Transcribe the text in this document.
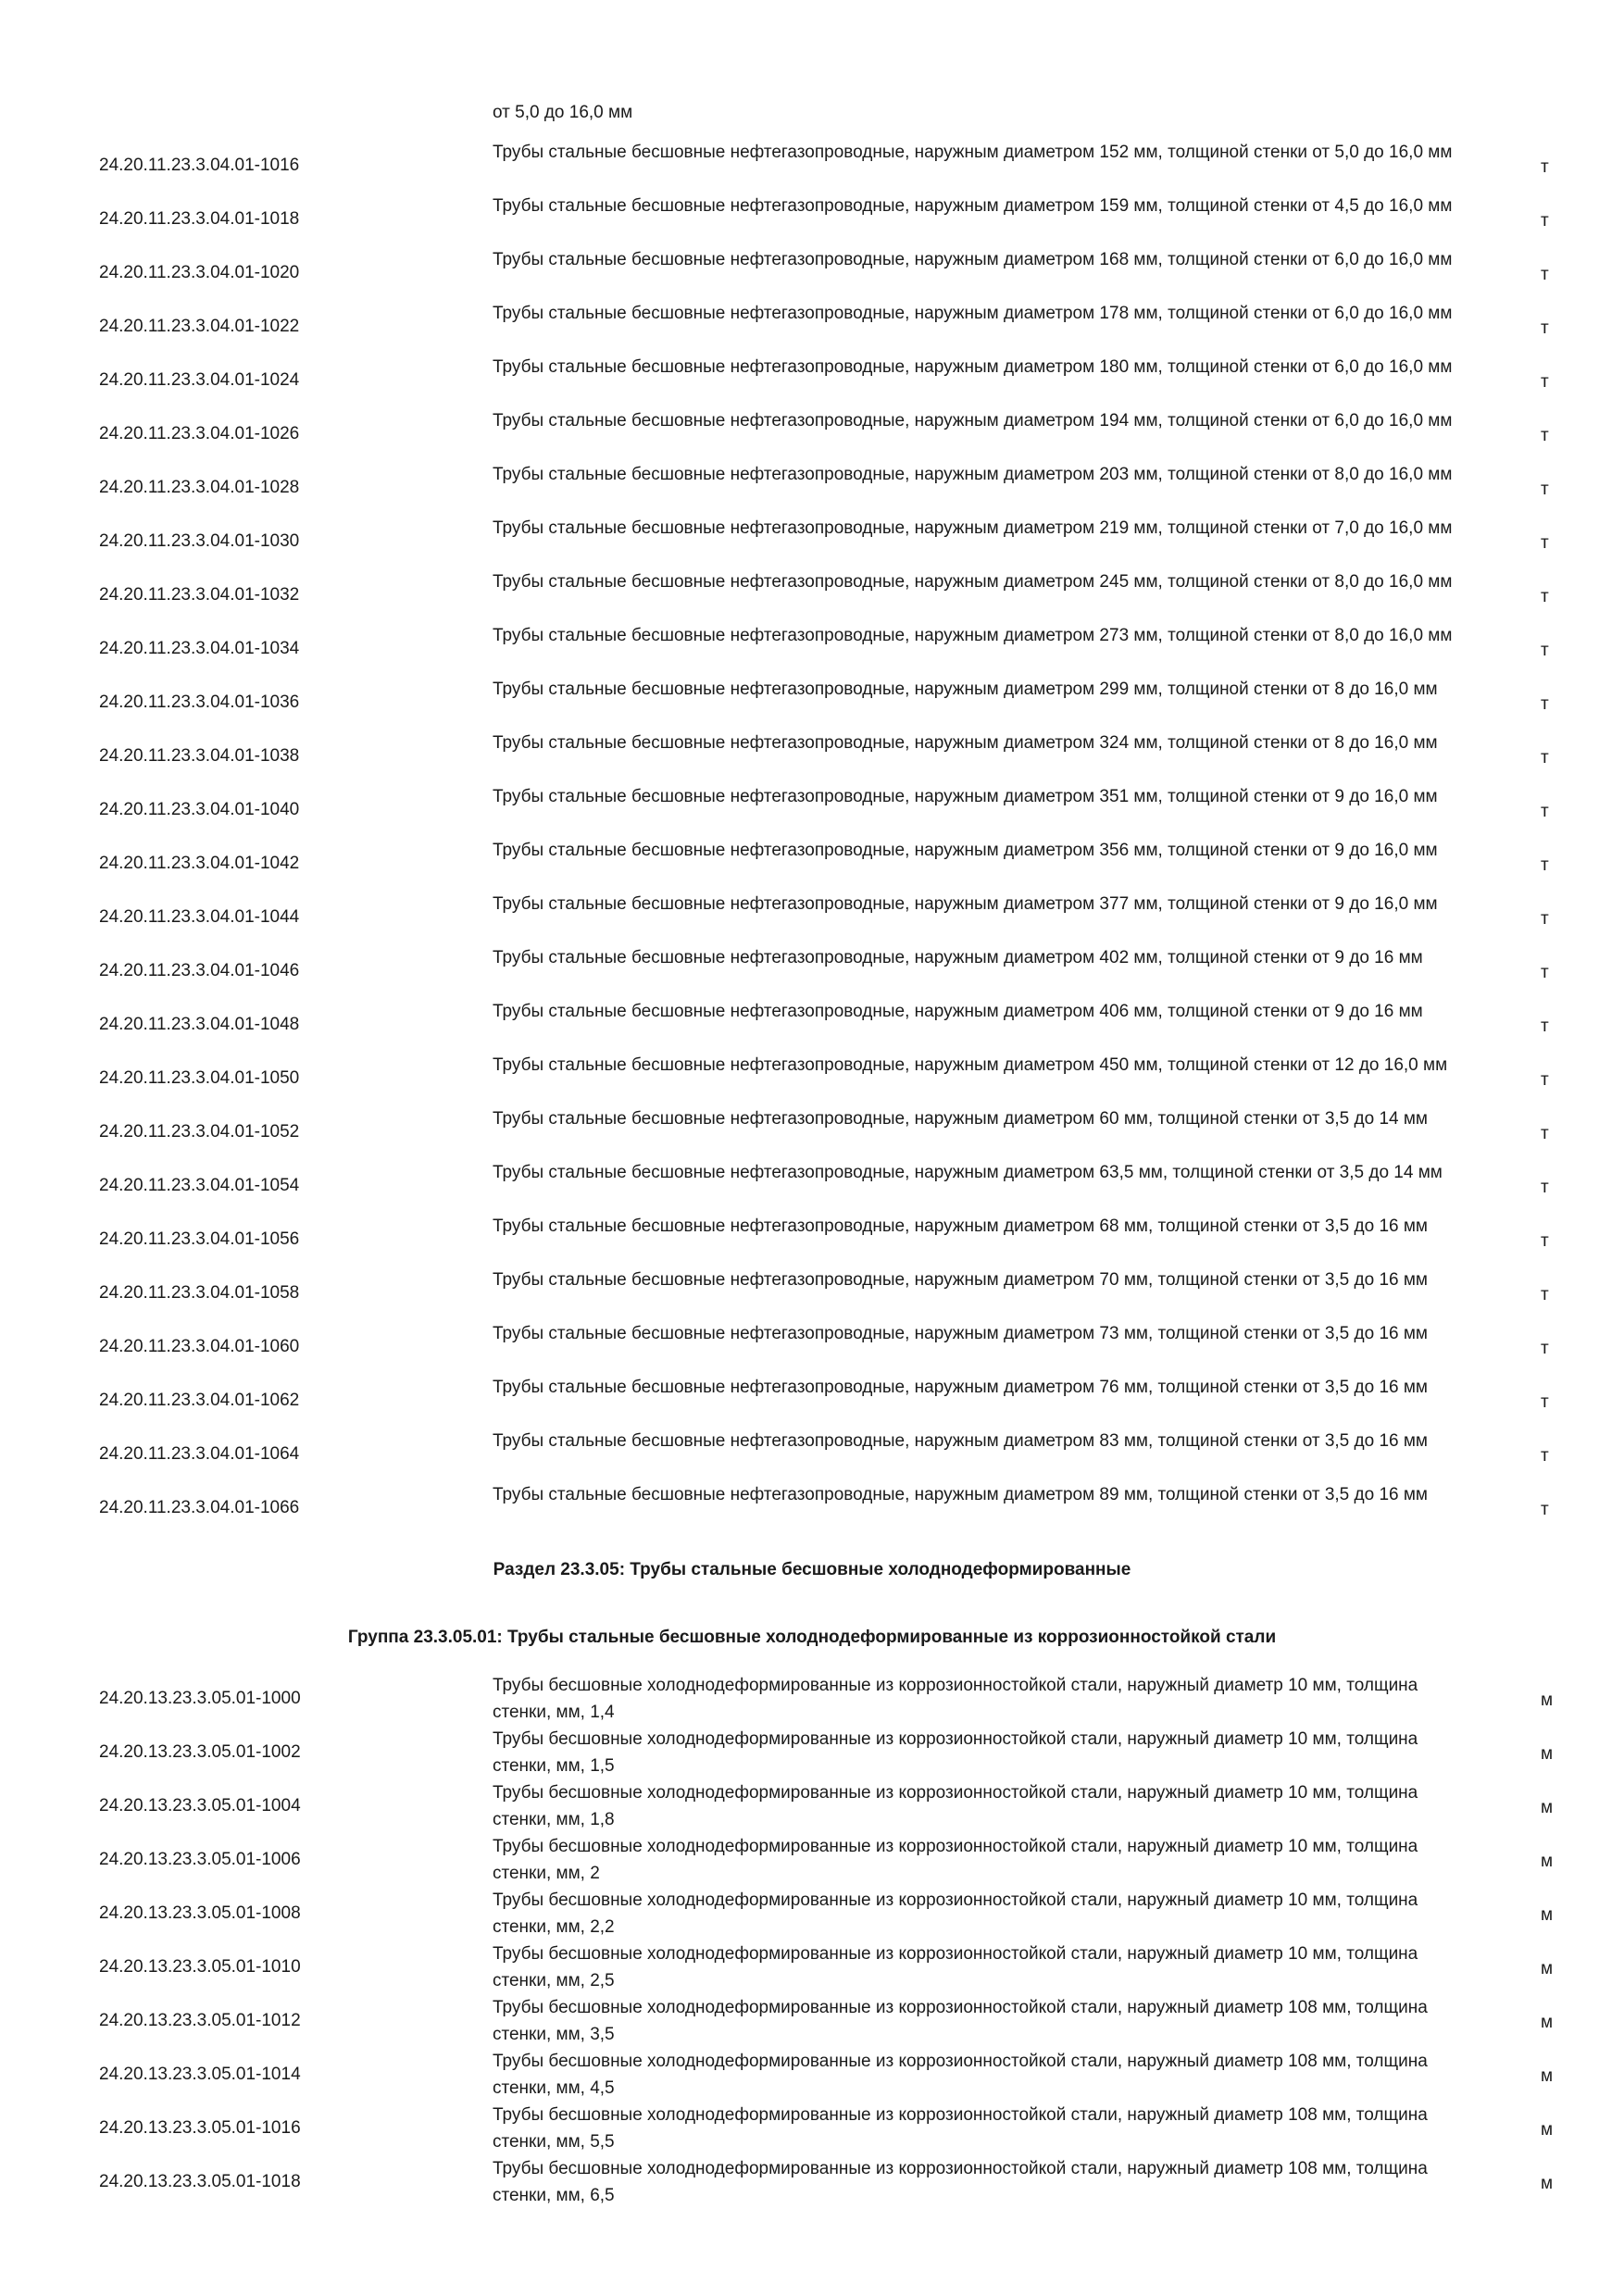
от 5,0 до 16,0 мм
24.20.11.23.3.04.01-1016
Трубы стальные бесшовные нефтегазопроводные, наружным диаметром 152 мм, толщиной стенки от 5,0 до 16,0 мм
т
24.20.11.23.3.04.01-1018
Трубы стальные бесшовные нефтегазопроводные, наружным диаметром 159 мм, толщиной стенки от 4,5 до 16,0 мм
т
24.20.11.23.3.04.01-1020
Трубы стальные бесшовные нефтегазопроводные, наружным диаметром 168 мм, толщиной стенки от 6,0 до 16,0 мм
т
24.20.11.23.3.04.01-1022
Трубы стальные бесшовные нефтегазопроводные, наружным диаметром 178 мм, толщиной стенки от 6,0 до 16,0 мм
т
24.20.11.23.3.04.01-1024
Трубы стальные бесшовные нефтегазопроводные, наружным диаметром 180 мм, толщиной стенки от 6,0 до 16,0 мм
т
24.20.11.23.3.04.01-1026
Трубы стальные бесшовные нефтегазопроводные, наружным диаметром 194 мм, толщиной стенки от 6,0 до 16,0 мм
т
24.20.11.23.3.04.01-1028
Трубы стальные бесшовные нефтегазопроводные, наружным диаметром 203 мм, толщиной стенки от 8,0 до 16,0 мм
т
24.20.11.23.3.04.01-1030
Трубы стальные бесшовные нефтегазопроводные, наружным диаметром 219 мм, толщиной стенки от 7,0 до 16,0 мм
т
24.20.11.23.3.04.01-1032
Трубы стальные бесшовные нефтегазопроводные, наружным диаметром 245 мм, толщиной стенки от 8,0 до 16,0 мм
т
24.20.11.23.3.04.01-1034
Трубы стальные бесшовные нефтегазопроводные, наружным диаметром 273 мм, толщиной стенки от 8,0 до 16,0 мм
т
24.20.11.23.3.04.01-1036
Трубы стальные бесшовные нефтегазопроводные, наружным диаметром 299 мм, толщиной стенки от 8 до 16,0 мм
т
24.20.11.23.3.04.01-1038
Трубы стальные бесшовные нефтегазопроводные, наружным диаметром 324 мм, толщиной стенки от 8 до 16,0 мм
т
24.20.11.23.3.04.01-1040
Трубы стальные бесшовные нефтегазопроводные, наружным диаметром 351 мм, толщиной стенки от 9 до 16,0 мм
т
24.20.11.23.3.04.01-1042
Трубы стальные бесшовные нефтегазопроводные, наружным диаметром 356 мм, толщиной стенки от 9 до 16,0 мм
т
24.20.11.23.3.04.01-1044
Трубы стальные бесшовные нефтегазопроводные, наружным диаметром 377 мм, толщиной стенки от 9 до 16,0 мм
т
24.20.11.23.3.04.01-1046
Трубы стальные бесшовные нефтегазопроводные, наружным диаметром 402 мм, толщиной стенки от 9 до 16 мм
т
24.20.11.23.3.04.01-1048
Трубы стальные бесшовные нефтегазопроводные, наружным диаметром 406 мм, толщиной стенки от 9 до 16 мм
т
24.20.11.23.3.04.01-1050
Трубы стальные бесшовные нефтегазопроводные, наружным диаметром 450 мм, толщиной стенки от 12 до 16,0 мм
т
24.20.11.23.3.04.01-1052
Трубы стальные бесшовные нефтегазопроводные, наружным диаметром 60 мм, толщиной стенки от 3,5 до 14 мм
т
24.20.11.23.3.04.01-1054
Трубы стальные бесшовные нефтегазопроводные, наружным диаметром 63,5 мм, толщиной стенки от 3,5 до 14 мм
т
24.20.11.23.3.04.01-1056
Трубы стальные бесшовные нефтегазопроводные, наружным диаметром 68 мм, толщиной стенки от 3,5 до 16 мм
т
24.20.11.23.3.04.01-1058
Трубы стальные бесшовные нефтегазопроводные, наружным диаметром 70 мм, толщиной стенки от 3,5 до 16 мм
т
24.20.11.23.3.04.01-1060
Трубы стальные бесшовные нефтегазопроводные, наружным диаметром 73 мм, толщиной стенки от 3,5 до 16 мм
т
24.20.11.23.3.04.01-1062
Трубы стальные бесшовные нефтегазопроводные, наружным диаметром 76 мм, толщиной стенки от 3,5 до 16 мм
т
24.20.11.23.3.04.01-1064
Трубы стальные бесшовные нефтегазопроводные, наружным диаметром 83 мм, толщиной стенки от 3,5 до 16 мм
т
24.20.11.23.3.04.01-1066
Трубы стальные бесшовные нефтегазопроводные, наружным диаметром 89 мм, толщиной стенки от 3,5 до 16 мм
т
Раздел 23.3.05: Трубы стальные бесшовные холоднодеформированные
Группа 23.3.05.01: Трубы стальные бесшовные холоднодеформированные из коррозионностойкой стали
24.20.13.23.3.05.01-1000
Трубы бесшовные холоднодеформированные из коррозионностойкой стали, наружный диаметр 10 мм, толщина стенки, мм, 1,4
м
24.20.13.23.3.05.01-1002
Трубы бесшовные холоднодеформированные из коррозионностойкой стали, наружный диаметр 10 мм, толщина стенки, мм, 1,5
м
24.20.13.23.3.05.01-1004
Трубы бесшовные холоднодеформированные из коррозионностойкой стали, наружный диаметр 10 мм, толщина стенки, мм, 1,8
м
24.20.13.23.3.05.01-1006
Трубы бесшовные холоднодеформированные из коррозионностойкой стали, наружный диаметр 10 мм, толщина стенки, мм, 2
м
24.20.13.23.3.05.01-1008
Трубы бесшовные холоднодеформированные из коррозионностойкой стали, наружный диаметр 10 мм, толщина стенки, мм, 2,2
м
24.20.13.23.3.05.01-1010
Трубы бесшовные холоднодеформированные из коррозионностойкой стали, наружный диаметр 10 мм, толщина стенки, мм, 2,5
м
24.20.13.23.3.05.01-1012
Трубы бесшовные холоднодеформированные из коррозионностойкой стали, наружный диаметр 108 мм, толщина стенки, мм, 3,5
м
24.20.13.23.3.05.01-1014
Трубы бесшовные холоднодеформированные из коррозионностойкой стали, наружный диаметр 108 мм, толщина стенки, мм, 4,5
м
24.20.13.23.3.05.01-1016
Трубы бесшовные холоднодеформированные из коррозионностойкой стали, наружный диаметр 108 мм, толщина стенки, мм, 5,5
м
24.20.13.23.3.05.01-1018
Трубы бесшовные холоднодеформированные из коррозионностойкой стали, наружный диаметр 108 мм, толщина стенки, мм, 6,5
м
